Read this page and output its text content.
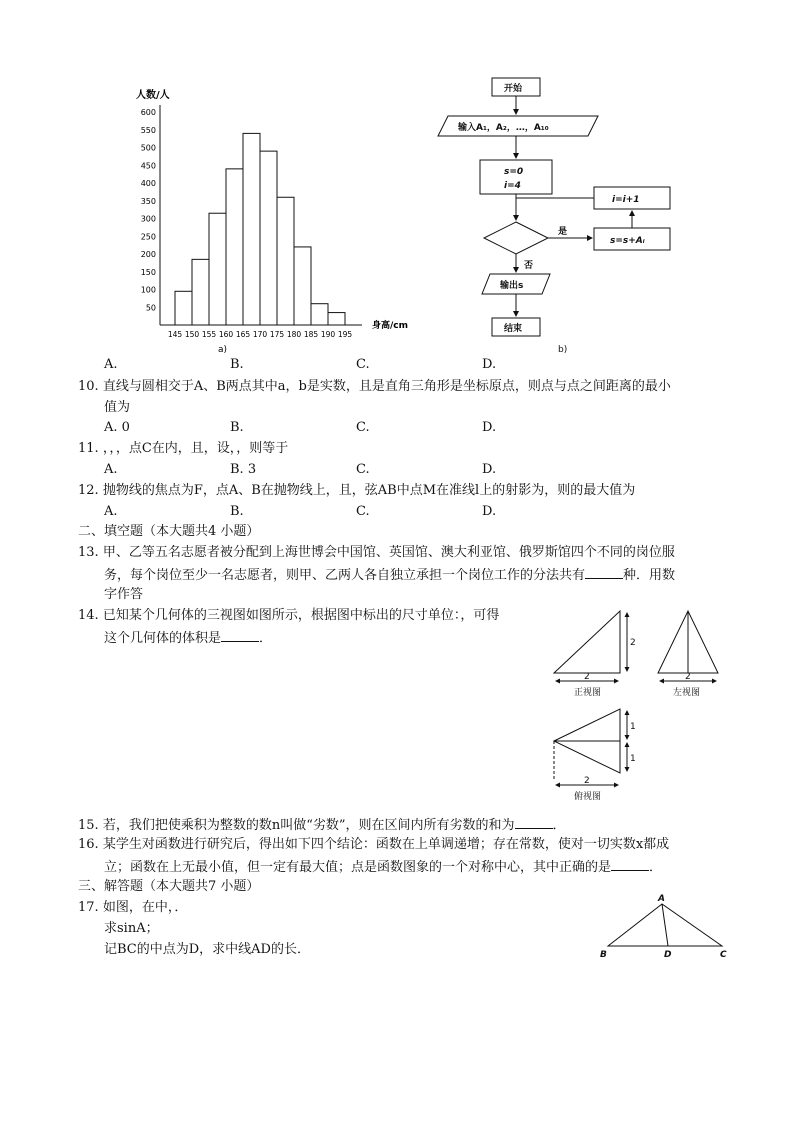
人数/人
50
100
150
200
250
300
350
400
450
500
550
600
145 150 155 160 165 170 175 180 185 190 195
身高/cm
a)
开始
输入A₁，A₂，…，A₁₀
s=0
i=4
i=i+1
是
s=s+Aᵢ
否
输出s
结束
b)
A.	B.	C.	D.
10. 直线与圆相交于A、B两点其中a，b是实数，且是直角三角形是坐标原点，则点与点之间距离的最小
值为
A. 0	B.	C.	D.
11. ，，，点C在内，且，设，，则等于
A.	B. 3	C.	D.
12. 抛物线的焦点为F，点A、B在抛物线上，且，弦AB中点M在准线l上的射影为，则的最大值为
A.	B.	C.	D.
二、填空题（本大题共4 小题）
13. 甲、乙等五名志愿者被分配到上海世博会中国馆、英国馆、澳大利亚馆、俄罗斯馆四个不同的岗位服
务，每个岗位至少一名志愿者，则甲、乙两人各自独立承担一个岗位工作的分法共有	种．用数
字作答
14. 已知某个几何体的三视图如图所示，根据图中标出的尺寸单位：，可得
这个几何体的体积是	．	2
2
正视图
2
左视图
1
1
2
俯视图
15. 若，我们把使乘积为整数的数n叫做“劣数”，则在区间内所有劣数的和为	．
16. 某学生对函数进行研究后，得出如下四个结论：函数在上单调递增；存在常数，使对一切实数x都成
立；函数在上无最小值，但一定有最大值；点是函数图象的一个对称中心，其中正确的是	．
三、解答题（本大题共7 小题）
17. 如图，在中，．
求sinA；
记BC的中点为D，求中线AD的长．
A
B	D	C
